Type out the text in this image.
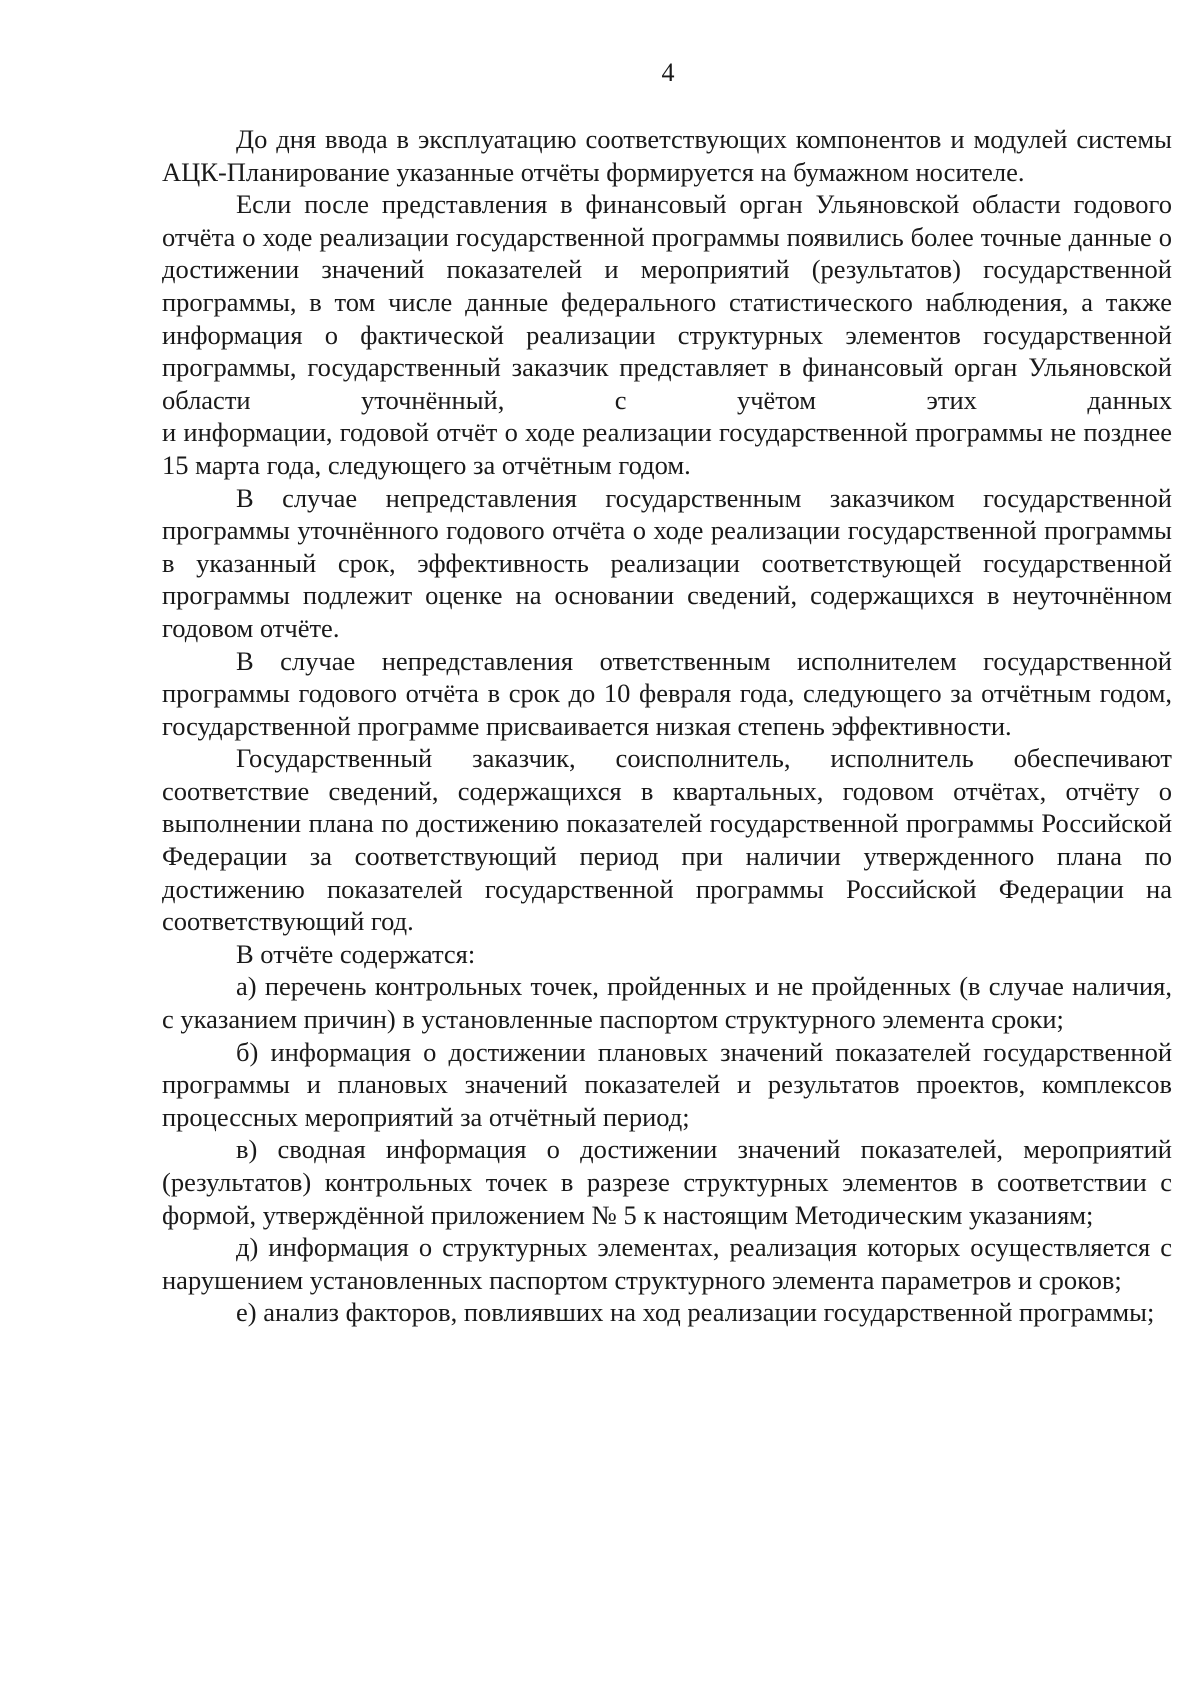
4

До дня ввода в эксплуатацию соответствующих компонентов и модулей системы АЦК-Планирование указанные отчёты формируется на бумажном носителе.

Если после представления в финансовый орган Ульяновской области годового отчёта о ходе реализации государственной программы появились более точные данные о достижении значений показателей и мероприятий (результатов) государственной программы, в том числе данные федерального статистического наблюдения, а также информация о фактической реализации структурных элементов государственной программы, государственный заказчик представляет в финансовый орган Ульяновской области уточнённый, с учётом этих данных

и информации, годовой отчёт о ходе реализации государственной программы не позднее 15 марта года, следующего за отчётным годом.

В случае непредставления государственным заказчиком государственной программы уточнённого годового отчёта о ходе реализации государственной программы в указанный срок, эффективность реализации соответствующей государственной программы подлежит оценке на основании сведений, содержащихся в неуточнённом годовом отчёте.

В случае непредставления ответственным исполнителем государственной программы годового отчёта в срок до 10 февраля года, следующего за отчётным годом, государственной программе присваивается низкая степень эффективности.

Государственный заказчик, соисполнитель, исполнитель обеспечивают соответствие сведений, содержащихся в квартальных, годовом отчётах, отчёту о выполнении плана по достижению показателей государственной программы Российской Федерации за соответствующий период при наличии утвержденного плана по достижению показателей государственной программы Российской Федерации на соответствующий год.

В отчёте содержатся:

а) перечень контрольных точек, пройденных и не пройденных (в случае наличия, с указанием причин) в установленные паспортом структурного элемента сроки;

б) информация о достижении плановых значений показателей государственной программы и плановых значений показателей и результатов проектов, комплексов процессных мероприятий за отчётный период;

в) сводная информация о достижении значений показателей, мероприятий (результатов) контрольных точек в разрезе структурных элементов в соответствии с формой, утверждённой приложением № 5 к настоящим Методическим указаниям;

д) информация о структурных элементах, реализация которых осуществляется с нарушением установленных паспортом структурного элемента параметров и сроков;

е) анализ факторов, повлиявших на ход реализации государственной программы;
